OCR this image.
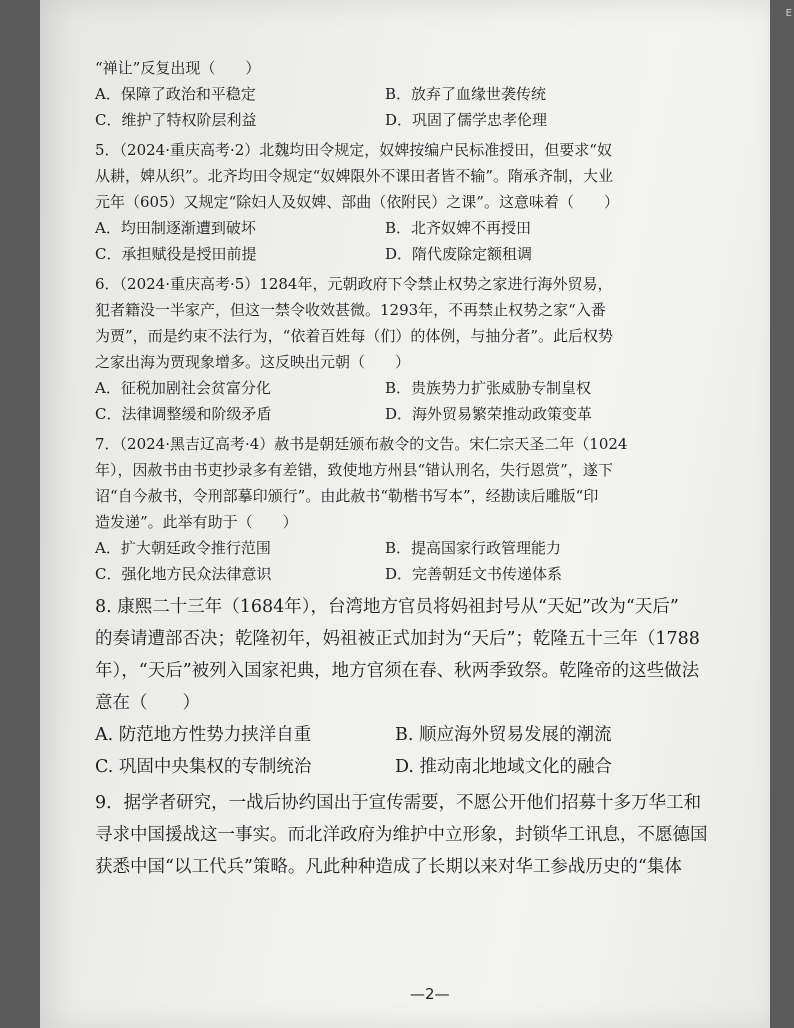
E
“禅让”反复出现（　　）
A．保障了政治和平稳定	B．放弃了血缘世袭传统
C．维护了特权阶层利益	D．巩固了儒学忠孝伦理
5．（2024·重庆高考·2）北魏均田令规定，奴婢按编户民标准授田，但要求“奴
从耕，婢从织”。北齐均田令规定“奴婢限外不课田者皆不输”。隋承齐制，大业
元年（605）又规定“除妇人及奴婢、部曲（依附民）之课”。这意味着（　　）
A．均田制逐渐遭到破坏	B．北齐奴婢不再授田
C．承担赋役是授田前提	D．隋代废除定额租调
6．（2024·重庆高考·5）1284年，元朝政府下令禁止权势之家进行海外贸易，
犯者籍没一半家产，但这一禁令收效甚微。1293年，不再禁止权势之家“入番
为贾”，而是约束不法行为，“依着百姓每（们）的体例，与抽分者”。此后权势
之家出海为贾现象增多。这反映出元朝（　　）
A．征税加剧社会贫富分化	B．贵族势力扩张威胁专制皇权
C．法律调整缓和阶级矛盾	D．海外贸易繁荣推动政策变革
7．（2024·黑吉辽高考·4）赦书是朝廷颁布赦令的文告。宋仁宗天圣二年（1024
年），因赦书由书吏抄录多有差错，致使地方州县“错认刑名，失行恩赏”，遂下
诏“自今赦书，令刑部摹印颁行”。由此赦书“勒楷书写本”，经勘读后雕版“印
造发递”。此举有助于（　　）
A．扩大朝廷政令推行范围	B．提高国家行政管理能力
C．强化地方民众法律意识	D．完善朝廷文书传递体系
8. 康熙二十三年（1684年），台湾地方官员将妈祖封号从“天妃”改为“天后”
的奏请遭部否决；乾隆初年，妈祖被正式加封为“天后”；乾隆五十三年（1788
年），“天后”被列入国家祀典，地方官须在春、秋两季致祭。乾隆帝的这些做法
意在（　　）
A. 防范地方性势力挟洋自重	B. 顺应海外贸易发展的潮流
C. 巩固中央集权的专制统治	D. 推动南北地域文化的融合
9．据学者研究，一战后协约国出于宣传需要，不愿公开他们招募十多万华工和
寻求中国援战这一事实。而北洋政府为维护中立形象，封锁华工讯息，不愿德国
获悉中国“以工代兵”策略。凡此种种造成了长期以来对华工参战历史的“集体
—2—
